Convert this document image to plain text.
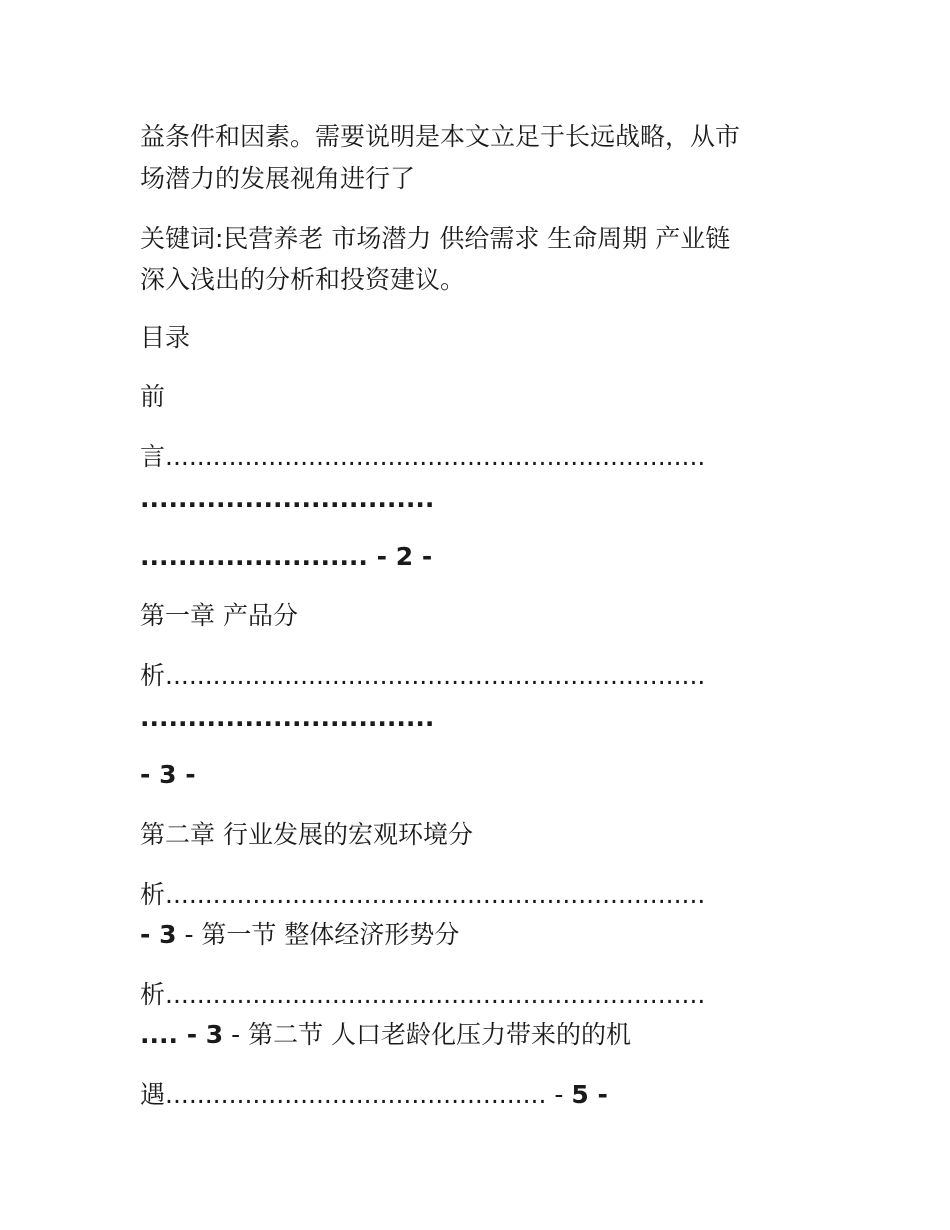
益条件和因素。需要说明是本文立足于长远战略，从市
场潜力的发展视角进行了
关键词:民营养老 市场潜力 供给需求 生命周期 产业链
深入浅出的分析和投资建议。
目录
前
言....................................................................
...............................
........................ - 2 -
第一章 产品分
析....................................................................
...............................
- 3 -
第二章 行业发展的宏观环境分
析....................................................................
- 3 - 第一节 整体经济形势分
析....................................................................
.... - 3 - 第二节 人口老龄化压力带来的的机
遇................................................ - 5 -
